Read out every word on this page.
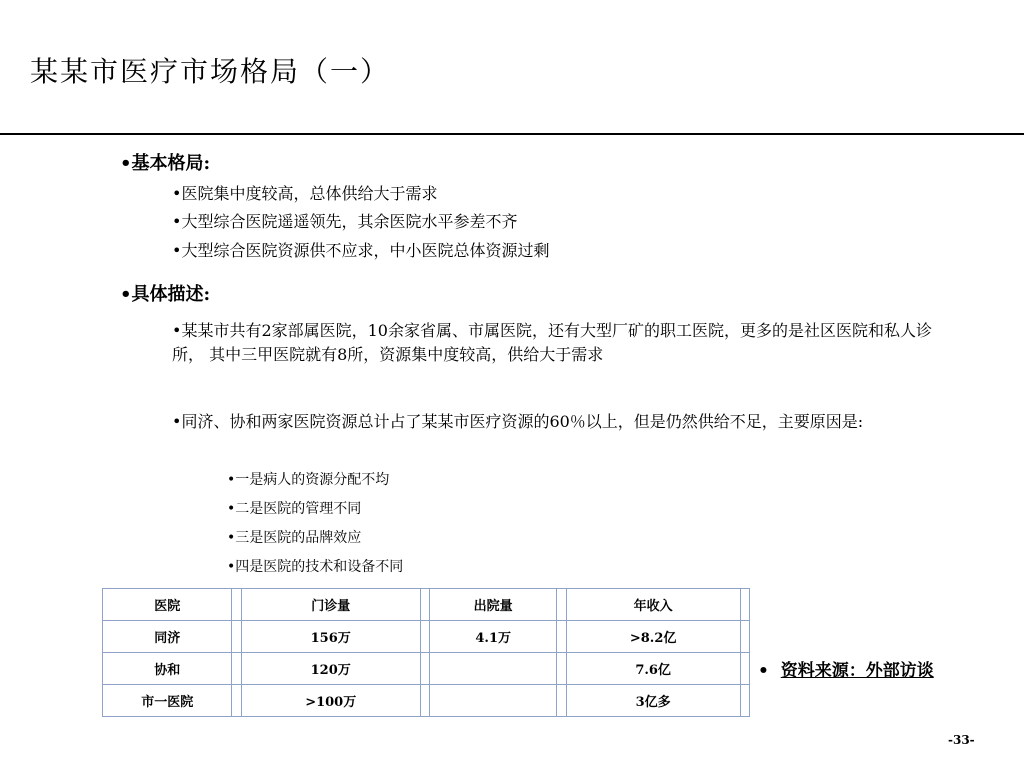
某某市医疗市场格局（一）
•基本格局:
•医院集中度较高，总体供给大于需求
•大型综合医院遥遥领先，其余医院水平参差不齐
•大型综合医院资源供不应求，中小医院总体资源过剩
•具体描述:
•某某市共有2家部属医院，10余家省属、市属医院，还有大型厂矿的职工医院，更多的是社区医院和私人诊所， 其中三甲医院就有8所，资源集中度较高，供给大于需求
•同济、协和两家医院资源总计占了某某市医疗资源的60％以上，但是仍然供给不足，主要原因是:
•一是病人的资源分配不均
•二是医院的管理不同
•三是医院的品牌效应
•四是医院的技术和设备不同
医院		门诊量		出院量		年收入	
同济		156万		4.1万		>8.2亿	
协和		120万				7.6亿	
市一医院		>100万				3亿多	
• 资料来源：外部访谈
-33-
